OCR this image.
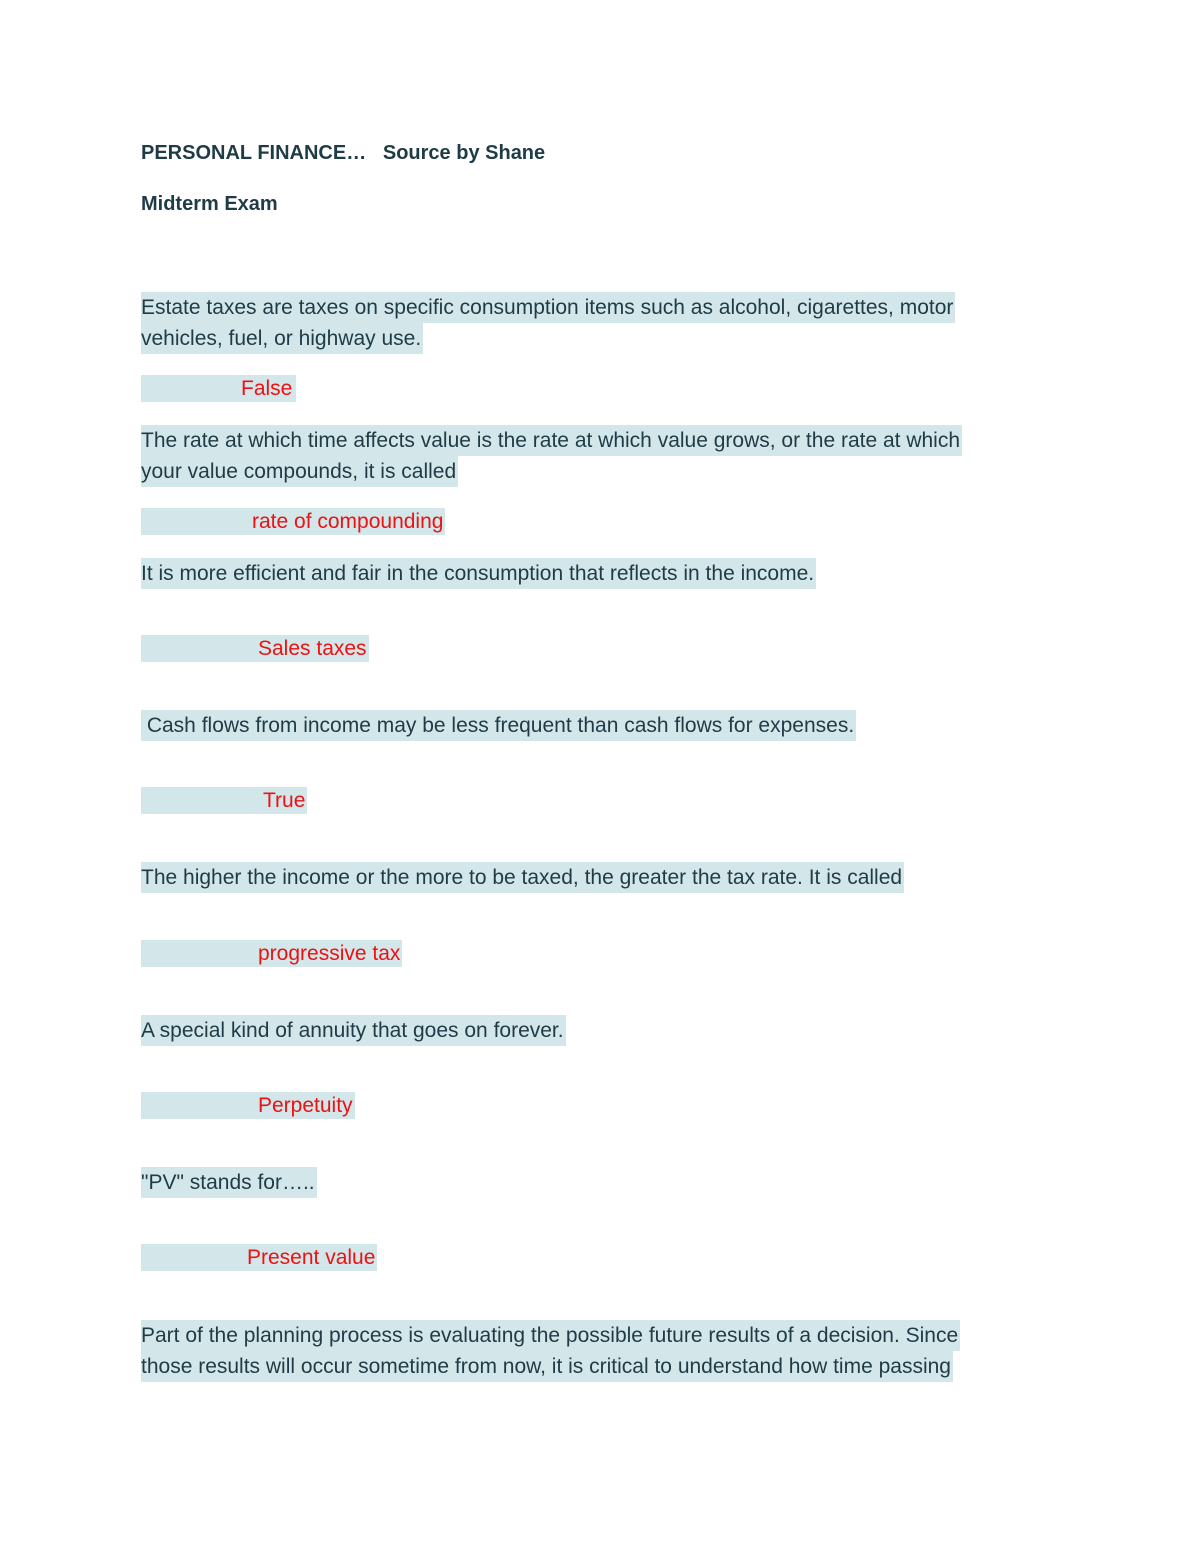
PERSONAL FINANCE…   Source by Shane
Midterm Exam
Estate taxes are taxes on specific consumption items such as alcohol, cigarettes, motor
vehicles, fuel, or highway use.
False
The rate at which time affects value is the rate at which value grows, or the rate at which
your value compounds, it is called
rate of compounding
It is more efficient and fair in the consumption that reflects in the income.
Sales taxes
Cash flows from income may be less frequent than cash flows for expenses.
True
The higher the income or the more to be taxed, the greater the tax rate. It is called
progressive tax
A special kind of annuity that goes on forever.
Perpetuity
"PV" stands for…..
Present value
Part of the planning process is evaluating the possible future results of a decision. Since
those results will occur sometime from now, it is critical to understand how time passing
